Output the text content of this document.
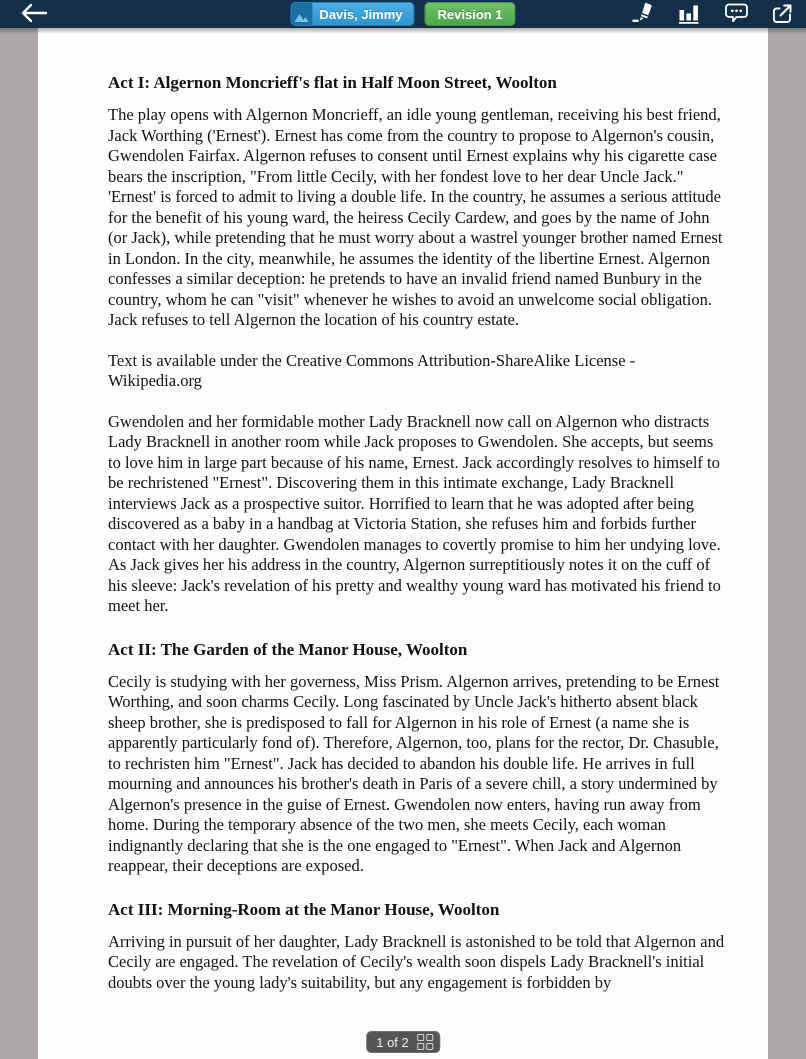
Davis, Jimmy	Revision 1
Act I: Algernon Moncrieff's flat in Half Moon Street, Woolton

The play opens with Algernon Moncrieff, an idle young gentleman, receiving his best friend, Jack Worthing ('Ernest'). Ernest has come from the country to propose to Algernon's cousin, Gwendolen Fairfax. Algernon refuses to consent until Ernest explains why his cigarette case bears the inscription, "From little Cecily, with her fondest love to her dear Uncle Jack." 'Ernest' is forced to admit to living a double life. In the country, he assumes a serious attitude for the benefit of his young ward, the heiress Cecily Cardew, and goes by the name of John (or Jack), while pretending that he must worry about a wastrel younger brother named Ernest in London. In the city, meanwhile, he assumes the identity of the libertine Ernest. Algernon confesses a similar deception: he pretends to have an invalid friend named Bunbury in the country, whom he can "visit" whenever he wishes to avoid an unwelcome social obligation. Jack refuses to tell Algernon the location of his country estate.

Text is available under the Creative Commons Attribution-ShareAlike License - Wikipedia.org

Gwendolen and her formidable mother Lady Bracknell now call on Algernon who distracts Lady Bracknell in another room while Jack proposes to Gwendolen. She accepts, but seems to love him in large part because of his name, Ernest. Jack accordingly resolves to himself to be rechristened "Ernest". Discovering them in this intimate exchange, Lady Bracknell interviews Jack as a prospective suitor. Horrified to learn that he was adopted after being discovered as a baby in a handbag at Victoria Station, she refuses him and forbids further contact with her daughter. Gwendolen manages to covertly promise to him her undying love. As Jack gives her his address in the country, Algernon surreptitiously notes it on the cuff of his sleeve: Jack's revelation of his pretty and wealthy young ward has motivated his friend to meet her.

Act II: The Garden of the Manor House, Woolton

Cecily is studying with her governess, Miss Prism. Algernon arrives, pretending to be Ernest Worthing, and soon charms Cecily. Long fascinated by Uncle Jack's hitherto absent black sheep brother, she is predisposed to fall for Algernon in his role of Ernest (a name she is apparently particularly fond of). Therefore, Algernon, too, plans for the rector, Dr. Chasuble, to rechristen him "Ernest". Jack has decided to abandon his double life. He arrives in full mourning and announces his brother's death in Paris of a severe chill, a story undermined by Algernon's presence in the guise of Ernest. Gwendolen now enters, having run away from home. During the temporary absence of the two men, she meets Cecily, each woman indignantly declaring that she is the one engaged to "Ernest". When Jack and Algernon reappear, their deceptions are exposed.

Act III: Morning-Room at the Manor House, Woolton

Arriving in pursuit of her daughter, Lady Bracknell is astonished to be told that Algernon and Cecily are engaged. The revelation of Cecily's wealth soon dispels Lady Bracknell's initial doubts over the young lady's suitability, but any engagement is forbidden by

1 of 2
